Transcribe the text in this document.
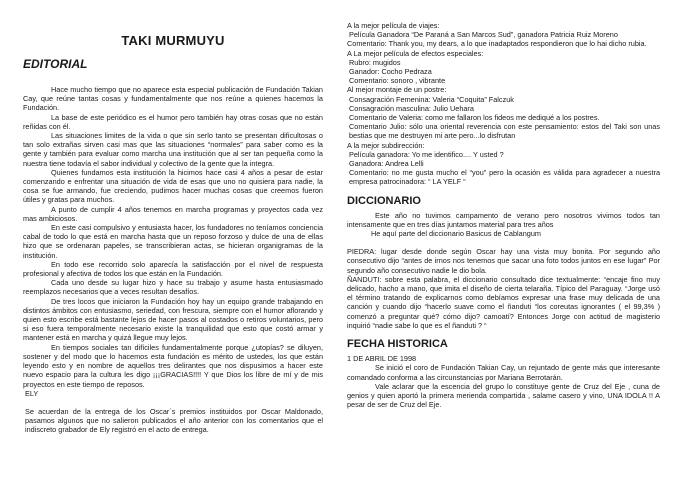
TAKI MURMUYU
EDITORIAL

Hace mucho tiempo que no aparece esta especial publicación de Fundación Takian Cay, que reúne tantas cosas y fundamentalmente que nos reúne a quienes hacemos la Fundación.

La base de este periódico es el humor pero también hay otras cosas que no están reñidas con él.

Las situaciones limites de la vida o que sin serlo tanto se presentan dificultosas o tan solo extrañas sirven casi mas que las situaciones “normales” para saber como es la gente y también para evaluar como marcha una institución que al ser tan pequeña como la nuestra tiene todavía el sabor individual y colectivo de la gente que la integra.

Quienes fundamos esta institución la hicimos hace casi 4 años a pesar de estar comenzando e enfrentar una situación de vida de esas que uno no quisiera para nadie, la cosa se fue armando, fue creciendo, pudimos hacer muchas cosas que creemos fueron útiles y gratas para muchos.

A punto de cumplir 4 años tenemos en marcha programas y proyectos cada vez mas ambiciosos.

En este casi compulsivo y entusiasta hacer, los fundadores no teníamos conciencia cabal de todo lo que está en marcha hasta que un reposo forzoso y dulce de una de ellas hizo que se ordenaran papeles, se transcribieran actas, se hicieran organigramas de la institución.

En todo ese recorrido solo aparecía la satisfacción por el nivel de respuesta profesional y afectiva de todos los que están en la Fundación.

Cada uno desde su lugar hizo y hace su trabajo y asume hasta entusiasmado reemplazos necesarios que a veces resultan desafíos.

De tres locos que iniciaron la Fundación hoy hay un equipo grande trabajando en distintos ámbitos con entusiasmo, seriedad, con frescura, siempre con el humor aflorando y quien esto escribe está bastante lejos de hacer pasos al costados o retiros voluntarios, pero si eso fuera temporalmente necesario existe la tranquilidad que esto que costó armar y mantener está en marcha y quizá llegue muy lejos.

En tiempos sociales tan difíciles fundamentalmente porque ¿utopías? se diluyen, sostener y del modo que lo hacemos esta fundación es mérito de ustedes, los que están leyendo esto y en nombre de aquellos tres delirantes que nos dispusimos a hacer este nuevo espacio para la cultura les digo ¡¡¡GRACIAS!!!! Y que Dios los libre de mí y de mis proyectos en este tiempo de reposos.

ELY

Se acuerdan de la entrega de los Oscar´s premios instituidos por Oscar Maldonado, pasamos algunos que no salieron publicados el año anterior con los comentarios que el indiscreto grabador de Ely registró en el acto de entrega.

A la mejor película de viajes:

Película Ganadora “De Paraná a San Marcos Sud”, ganadora Patricia Ruiz Moreno

Comentario: Thank you, my dears, a lo que inadaptados respondieron que lo hai dicho rubia.

A La mejor película de efectos especiales:

Rubro: mugidos

Ganador: Cocho Pedraza

Comentario: sonoro , vibrante

Al mejor montaje de un postre:

Consagración Femenina: Valeria “Coquita” Falczuk

Consagración masculina: Julio Uehara

Comentario de Valeria: como me fallaron los fideos me dediqué a los postres.

Comentario Julio: sólo una oriental reverencia con este pensamiento: estos del Taki son unas bestias que me destruyen mi arte pero...lo disfrutan

A la mejor subdirección:

Película ganadora: Yo me identifico.... Y usted ?

Ganadora: Andrea Lelli

Comentario: no me gusta mucho el “you” pero la ocasión es válida para agradecer a nuestra empresa patrocinadora: “ LA YELF “

DICCIONARIO

Este año no tuvimos campamento de verano pero nosotros vivimos todos tan intensamente que en tres días juntamos material para tres años

He aquí parte del diccionario Basicus de Cablangum

PIEDRA: lugar desde donde según Oscar hay una vista muy bonita. Por segundo año consecutivo dijo “antes de irnos nos tenemos que sacar una foto todos juntos en ese lugar” Por segundo año consecutivo nadie le dio bola.

ÑANDUTI: sobre esta palabra, el diccionario consultado dice textualmente: “encaje fino muy delicado, hacho a mano, que imita el diseño de cierta telaraña. Típico del Paraguay. “Jorge usó el término tratando de explicarnos como debíamos expresar una frase muy delicada de una canción y cuando dijo “hacerlo suave como el ñanduti “los coreutas ignorantes ( el 99,3% ) comenzó a preguntar qué? cómo dijo? camoatí? Entonces Jorge con actitud de magisterio inquirió “nadie sabe lo que es el ñanduti ? “

FECHA HISTORICA

1 DE ABRIL DE 1998

Se inició el coro de Fundación Takian Cay, un rejuntado de gente más que interesante comandado conforma a las circunstancias por Mariana Berrotarán.

Vale aclarar que la escencia del grupo lo constituye gente de Cruz del Eje , cuna de genios y quien aportó la primera merienda compartida , salame casero y vino, UNA IDOLA !! A pesar de ser de Cruz del Eje.
